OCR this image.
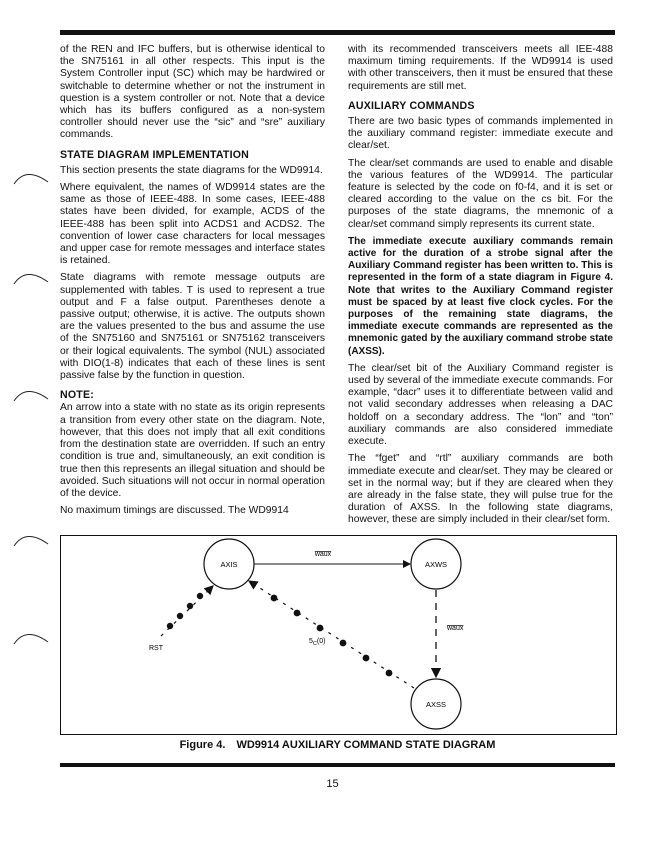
of the REN and IFC buffers, but is otherwise identical to the SN75161 in all other respects. This input is the System Controller input (SC) which may be hardwired or switchable to determine whether or not the instrument in question is a system controller or not. Note that a device which has its buffers configured as a non-system controller should never use the “sic” and “sre” auxiliary commands.

STATE DIAGRAM IMPLEMENTATION

This section presents the state diagrams for the WD9914.

Where equivalent, the names of WD9914 states are the same as those of IEEE-488. In some cases, IEEE-488 states have been divided, for example, ACDS of the IEEE-488 has been split into ACDS1 and ACDS2. The convention of lower case characters for local messages and upper case for remote messages and interface states is retained.

State diagrams with remote message outputs are supplemented with tables. T is used to represent a true output and F a false output. Parentheses denote a passive output; otherwise, it is active. The outputs shown are the values presented to the bus and assume the use of the SN75160 and SN75161 or SN75162 transceivers or their logical equivalents. The symbol (NUL) associated with DIO(1-8) indicates that each of these lines is sent passive false by the function in question.

NOTE:

An arrow into a state with no state as its origin represents a transition from every other state on the diagram. Note, however, that this does not imply that all exit conditions from the destination state are overridden. If such an entry condition is true and, simultaneously, an exit condition is true then this represents an illegal situation and should be avoided. Such situations will not occur in normal operation of the device.

No maximum timings are discussed. The WD9914

with its recommended transceivers meets all IEE-488 maximum timing requirements. If the WD9914 is used with other transceivers, then it must be ensured that these requirements are still met.

AUXILIARY COMMANDS

There are two basic types of commands implemented in the auxiliary command register: immediate execute and clear/set.

The clear/set commands are used to enable and disable the various features of the WD9914. The particular feature is selected by the code on f0-f4, and it is set or cleared according to the value on the cs bit. For the purposes of the state diagrams, the mnemonic of a clear/set command simply represents its current state.

The immediate execute auxiliary commands remain active for the duration of a strobe signal after the Auxiliary Command register has been written to. This is represented in the form of a state diagram in Figure 4. Note that writes to the Auxiliary Command register must be spaced by at least five clock cycles. For the purposes of the remaining state diagrams, the immediate execute commands are represented as the mnemonic gated by the auxiliary command strobe state (AXSS).

The clear/set bit of the Auxiliary Command register is used by several of the immediate execute commands. For example, “dacr” uses it to differentiate between valid and not valid secondary addresses when releasing a DAC holdoff on a secondary address. The “lon” and “ton” auxiliary commands are also considered immediate execute.

The “fget” and “rtl” auxiliary commands are both immediate execute and clear/set. They may be cleared or set in the normal way; but if they are cleared when they are already in the false state, they will pulse true for the duration of AXSS. In the following state diagrams, however, these are simply included in their clear/set form.

AXIS	AXWS
AXSS
waux
waux
$5_C(0)$
RST
Figure 4. WD9914 AUXILIARY COMMAND STATE DIAGRAM
15
